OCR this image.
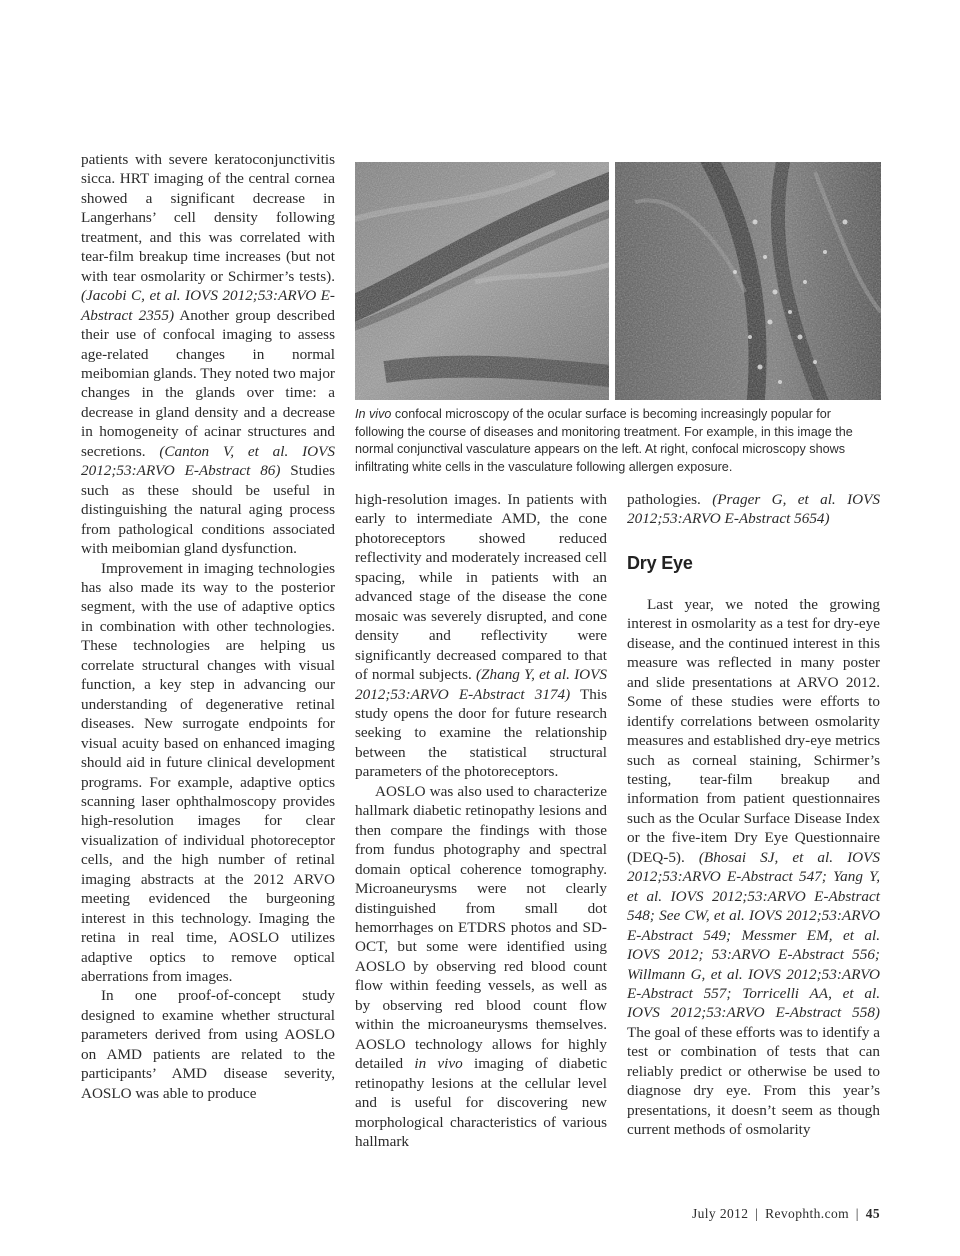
patients with severe keratoconjunctivitis sicca. HRT imaging of the central cornea showed a significant decrease in Langerhans’ cell density following treatment, and this was correlated with tear-film breakup time increases (but not with tear osmolarity or Schirmer’s tests). (Jacobi C, et al. IOVS 2012;53:ARVO E-Abstract 2355) Another group described their use of confocal imaging to assess age-related changes in normal meibomian glands. They noted two major changes in the glands over time: a decrease in gland density and a decrease in homogeneity of acinar structures and secretions. (Canton V, et al. IOVS 2012;53:ARVO E-Abstract 86) Studies such as these should be useful in distinguishing the natural aging process from pathological conditions associated with meibomian gland dysfunction.

Improvement in imaging technologies has also made its way to the posterior segment, with the use of adaptive optics in combination with other technologies. These technologies are helping us correlate structural changes with visual function, a key step in advancing our understanding of degenerative retinal diseases. New surrogate endpoints for visual acuity based on enhanced imaging should aid in future clinical development programs. For example, adaptive optics scanning laser ophthalmoscopy provides high-resolution images for clear visualization of individual photoreceptor cells, and the high number of retinal imaging abstracts at the 2012 ARVO meeting evidenced the burgeoning interest in this technology. Imaging the retina in real time, AOSLO utilizes adaptive optics to remove optical aberrations from images.

In one proof-of-concept study designed to examine whether structural parameters derived from using AOSLO on AMD patients are related to the participants’ AMD disease severity, AOSLO was able to produce

In vivo confocal microscopy of the ocular surface is becoming increasingly popular for following the course of diseases and monitoring treatment. For example, in this image the normal conjunctival vasculature appears on the left. At right, confocal microscopy shows infiltrating white cells in the vasculature following allergen exposure.

high-resolution images. In patients with early to intermediate AMD, the cone photoreceptors showed reduced reflectivity and moderately increased cell spacing, while in patients with an advanced stage of the disease the cone mosaic was severely disrupted, and cone density and reflectivity were significantly decreased compared to that of normal subjects. (Zhang Y, et al. IOVS 2012;53:ARVO E-Abstract 3174) This study opens the door for future research seeking to examine the relationship between the statistical structural parameters of the photoreceptors.

AOSLO was also used to characterize hallmark diabetic retinopathy lesions and then compare the findings with those from fundus photography and spectral domain optical coherence tomography. Microaneurysms were not clearly distinguished from small dot hemorrhages on ETDRS photos and SD-OCT, but some were identified using AOSLO by observing red blood count flow within feeding vessels, as well as by observing red blood count flow within the microaneurysms themselves. AOSLO technology allows for highly detailed in vivo imaging of diabetic retinopathy lesions at the cellular level and is useful for discovering new morphological characteristics of various hallmark

pathologies. (Prager G, et al. IOVS 2012;53:ARVO E-Abstract 5654)

Dry Eye

Last year, we noted the growing interest in osmolarity as a test for dry-eye disease, and the continued interest in this measure was reflected in many poster and slide presentations at ARVO 2012. Some of these studies were efforts to identify correlations between osmolarity measures and established dry-eye metrics such as corneal staining, Schirmer’s testing, tear-film breakup and information from patient questionnaires such as the Ocular Surface Disease Index or the five-item Dry Eye Questionnaire (DEQ-5). (Bhosai SJ, et al. IOVS 2012;53:ARVO E-Abstract 547; Yang Y, et al. IOVS 2012;53:ARVO E-Abstract 548; See CW, et al. IOVS 2012;53:ARVO E-Abstract 549; Messmer EM, et al. IOVS 2012; 53:ARVO E-Abstract 556; Willmann G, et al. IOVS 2012;53:ARVO E-Abstract 557; Torricelli AA, et al. IOVS 2012;53:ARVO E-Abstract 558) The goal of these efforts was to identify a test or combination of tests that can reliably predict or otherwise be used to diagnose dry eye. From this year’s presentations, it doesn’t seem as though current methods of osmolarity

July 2012 | Revophth.com | 45
